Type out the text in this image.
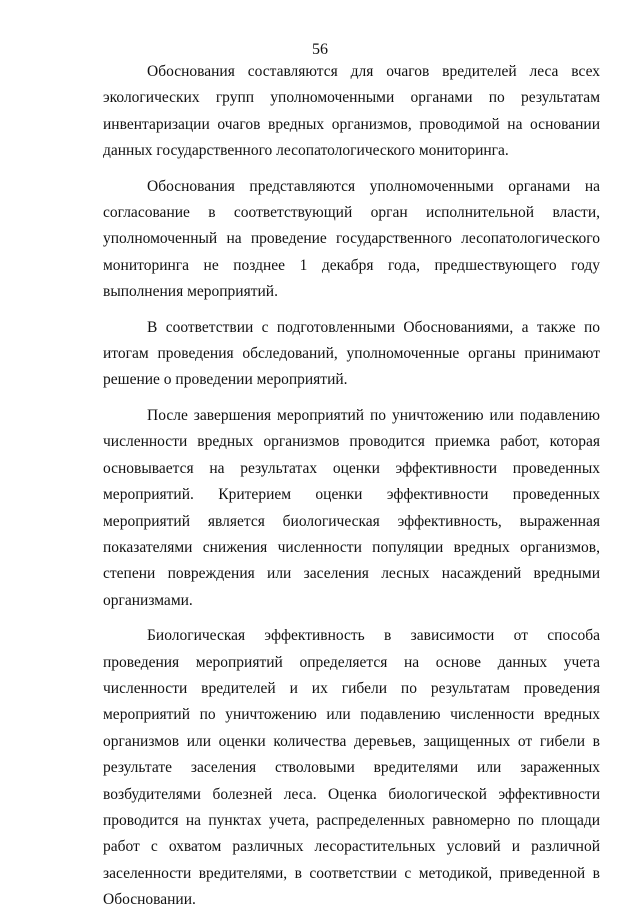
56

Обоснования составляются для очагов вредителей леса всех экологических групп уполномоченными органами по результатам инвентаризации очагов вредных организмов, проводимой на основании данных государственного лесопатологического мониторинга.

Обоснования представляются уполномоченными органами на согласование в соответствующий орган исполнительной власти, уполномоченный на проведение государственного лесопатологического мониторинга не позднее 1 декабря года, предшествующего году выполнения мероприятий.

В соответствии с подготовленными Обоснованиями, а также по итогам проведения обследований, уполномоченные органы принимают решение о проведении мероприятий.

После завершения мероприятий по уничтожению или подавлению численности вредных организмов проводится приемка работ, которая основывается на результатах оценки эффективности проведенных мероприятий. Критерием оценки эффективности проведенных мероприятий является биологическая эффективность, выраженная показателями снижения численности популяции вредных организмов, степени повреждения или заселения лесных насаждений вредными организмами.

Биологическая эффективность в зависимости от способа проведения мероприятий определяется на основе данных учета численности вредителей и их гибели по результатам проведения мероприятий по уничтожению или подавлению численности вредных организмов или оценки количества деревьев, защищенных от гибели в результате заселения стволовыми вредителями или зараженных возбудителями болезней леса. Оценка биологической эффективности проводится на пунктах учета, распределенных равномерно по площади работ с охватом различных лесорастительных условий и различной заселенности вредителями, в соответствии с методикой, приведенной в Обосновании.
